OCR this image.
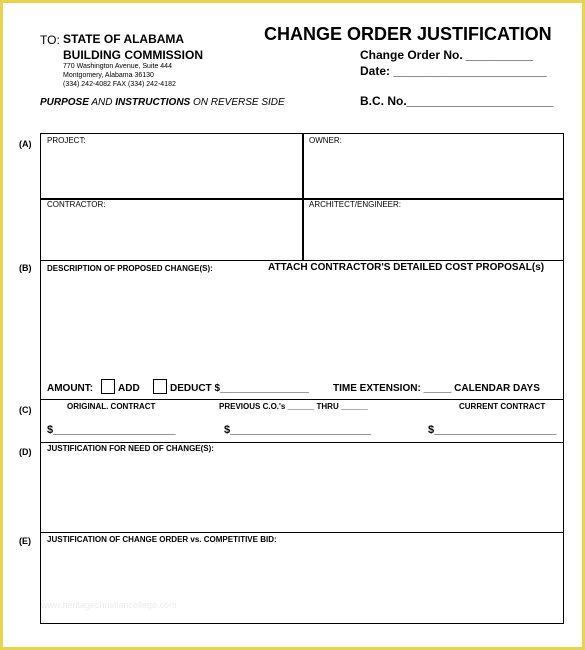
TO: STATE OF ALABAMA
BUILDING COMMISSION
770 Washington Avenue, Suite 444
Montgomery, Alabama 36130
(334) 242-4082 FAX (334) 242-4182
PURPOSE AND INSTRUCTIONS ON REVERSE SIDE
CHANGE ORDER JUSTIFICATION
Change Order No. __________
Date: _______________________
B.C. No.______________________
(A)
(B)
(C)
(D)
(E)
PROJECT:	OWNER:
CONTRACTOR:	ARCHITECT/ENGINEER:
DESCRIPTION OF PROPOSED CHANGE(S):	ATTACH CONTRACTOR'S DETAILED COST PROPOSAL(s)
AMOUNT: ADD	DEDUCT $________________ TIME EXTENSION: _____ CALENDAR DAYS
ORIGINAL. CONTRACT	PREVIOUS C.O.'s ______ THRU ______	CURRENT CONTRACT
$____________________	$_______________________	$____________________
JUSTIFICATION FOR NEED OF CHANGE(S):
JUSTIFICATION OF CHANGE ORDER vs. COMPETITIVE BID:
www.heritagechristiancollege.com
